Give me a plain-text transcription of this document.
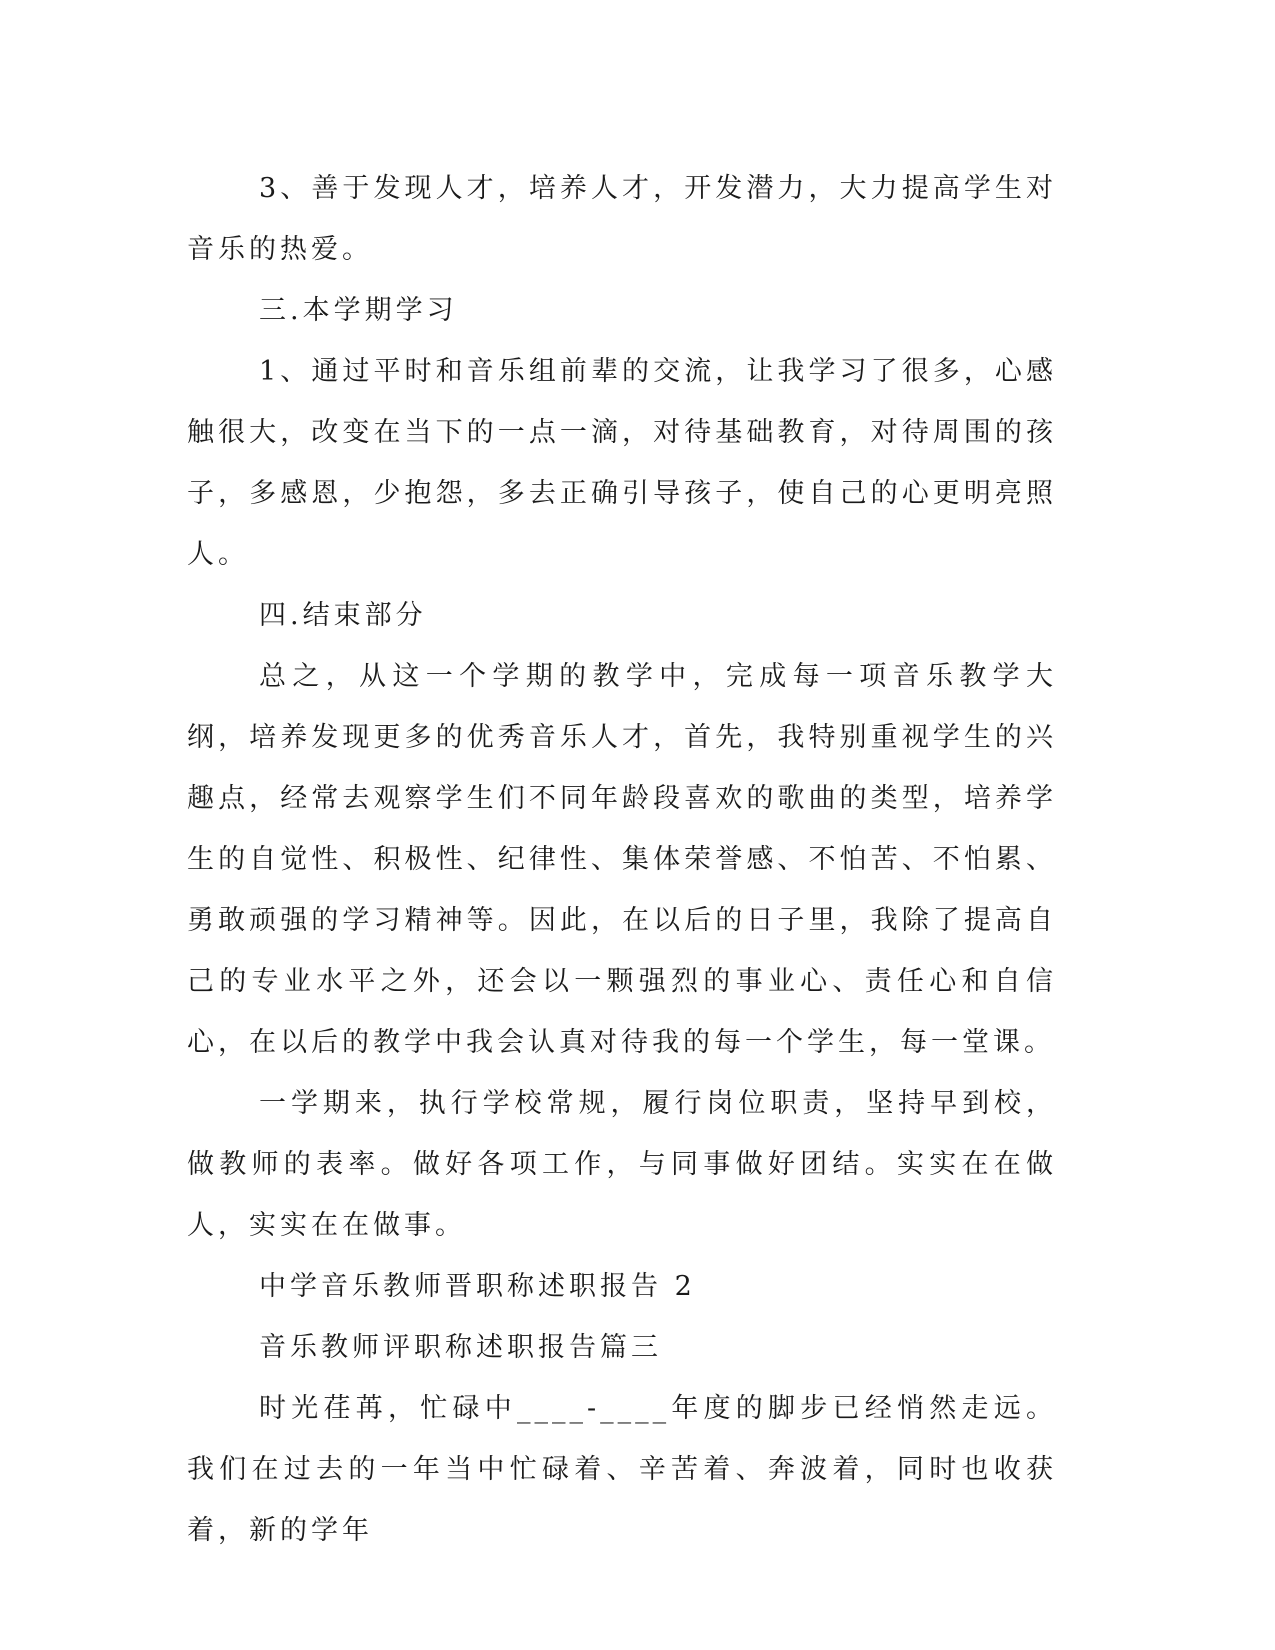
3、善于发现人才，培养人才，开发潜力，大力提高学生对音乐的热爱。

三.本学期学习

1、通过平时和音乐组前辈的交流，让我学习了很多，心感触很大，改变在当下的一点一滴，对待基础教育，对待周围的孩子，多感恩，少抱怨，多去正确引导孩子，使自己的心更明亮照人。

四.结束部分

总之，从这一个学期的教学中，完成每一项音乐教学大纲，培养发现更多的优秀音乐人才，首先，我特别重视学生的兴趣点，经常去观察学生们不同年龄段喜欢的歌曲的类型，培养学生的自觉性、积极性、纪律性、集体荣誉感、不怕苦、不怕累、勇敢顽强的学习精神等。因此，在以后的日子里，我除了提高自己的专业水平之外，还会以一颗强烈的事业心、责任心和自信心，在以后的教学中我会认真对待我的每一个学生，每一堂课。

一学期来，执行学校常规，履行岗位职责，坚持早到校，做教师的表率。做好各项工作，与同事做好团结。实实在在做人，实实在在做事。

中学音乐教师晋职称述职报告 2

音乐教师评职称述职报告篇三

时光荏苒，忙碌中____-____年度的脚步已经悄然走远。我们在过去的一年当中忙碌着、辛苦着、奔波着，同时也收获着，新的学年
